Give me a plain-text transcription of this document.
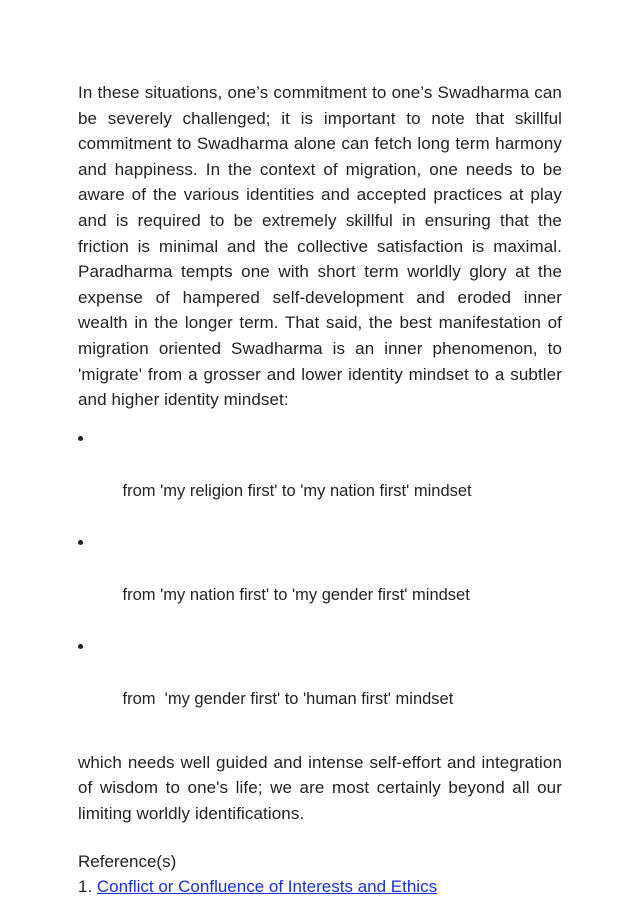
In these situations, one’s commitment to one’s Swadharma can be severely challenged; it is important to note that skillful commitment to Swadharma alone can fetch long term harmony and happiness. In the context of migration, one needs to be aware of the various identities and accepted practices at play and is required to be extremely skillful in ensuring that the friction is minimal and the collective satisfaction is maximal. Paradharma tempts one with short term worldly glory at the expense of hampered self-development and eroded inner wealth in the longer term. That said, the best manifestation of migration oriented Swadharma is an inner phenomenon, to 'migrate' from a grosser and lower identity mindset to a subtler and higher identity mindset:

from 'my religion first' to 'my nation first' mindset

from 'my nation first' to 'my gender first' mindset

from  'my gender first' to 'human first' mindset

which needs well guided and intense self-effort and integration of wisdom to one's life; we are most certainly beyond all our limiting worldly identifications.

Reference(s)
1. Conflict or Confluence of Interests and Ethics
